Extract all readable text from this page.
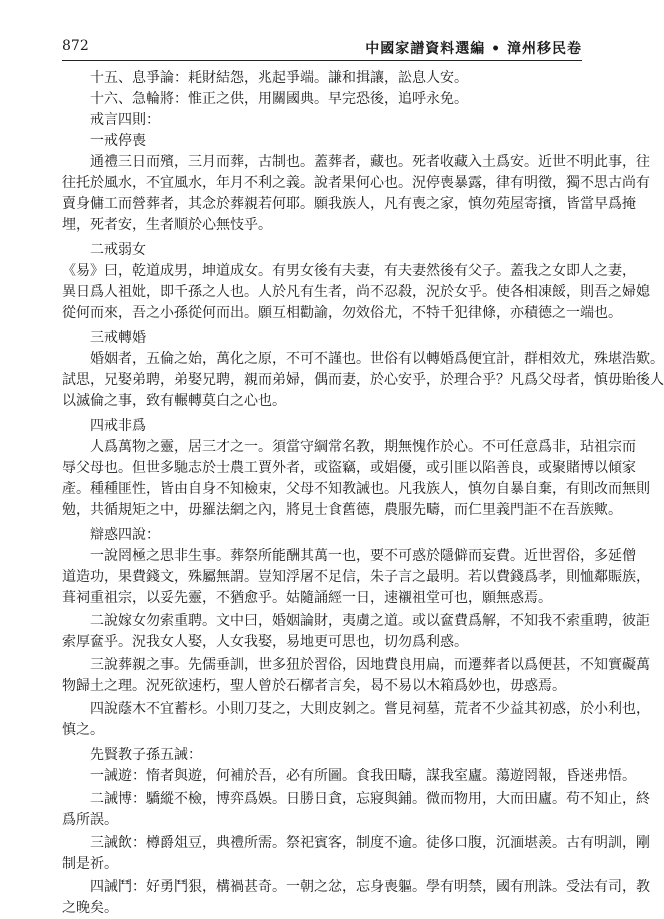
872	中國家譜資料選編 • 漳州移民卷
十五、息爭論：耗財結怨，兆起爭端。謙和揖讓，訟息人安。
十六、急輪將：惟正之供，用關國典。早完恐後，追呼永免。
戒言四則：
一戒停喪
通禮三日而殯，三月而葬，古制也。蓋葬者，藏也。死者收藏入土爲安。近世不明此事，往
往托於風水，不宜風水，年月不利之義。說者果何心也。況停喪暴露，律有明徵，獨不思古尚有
賣身傭工而營葬者，其念於葬親若何耶。願我族人，凡有喪之家，慎勿苑屋寄擯，皆當早爲掩
埋，死者安，生者順於心無忮乎。
二戒弱女
《易》曰，乾道成男，坤道成女。有男女後有夫妻，有夫妻然後有父子。蓋我之女即人之妻，
異日爲人祖妣，即千孫之人也。人於凡有生者，尚不忍殺，況於女乎。使各相凍餒，則吾之婦媳
從何而來，吾之小孫從何而出。願互相勸諭，勿效俗尤，不特千犯律條，亦積德之一端也。
三戒轉婚
婚姻者，五倫之始，萬化之原，不可不謹也。世俗有以轉婚爲便宜計，群相效尤，殊堪浩歎。
試思，兄娶弟聘，弟娶兄聘，親而弟婦，偶而妻，於心安乎，於理合乎？凡爲父母者，慎毋貽後人
以滅倫之事，致有輾轉莫白之心也。
四戒非爲
人爲萬物之靈，居三才之一。須當守綱常名教，期無愧作於心。不可任意爲非，玷祖宗而
辱父母也。但世多馳志於士農工賈外者，或盜竊，或娼優，或引匪以陷善良，或聚賭博以傾家
產。種種匪性，皆由自身不知檢束，父母不知教誡也。凡我族人，慎勿自暴自棄，有則改而無則
勉，共循規矩之中，毋羅法網之內，將見士食舊德，農服先疇，而仁里義門詎不在吾族歟。
辯惑四說：
一說罔極之思非生事。葬祭所能酬其萬一也，要不可惑於隱僻而妄費。近世習俗，多延僧
道造功，果費錢文，殊屬無謂。豈知浮屠不足信，朱子言之最明。若以費錢爲孝，則恤鄰賑族，
葺祠重祖宗，以妥先靈，不猶愈乎。姑隨誦經一日，速襯祖堂可也，願無惑焉。
二說嫁女勿索重聘。文中曰，婚姻論財，夷虜之道。或以奩費爲解，不知我不索重聘，彼詎
索厚奩乎。況我女人娶，人女我娶，易地更可思也，切勿爲利惑。
三說葬親之事。先儒垂訓，世多狃於習俗，因地費良用扁，而遷葬者以爲便甚，不知實礙萬
物歸土之理。況死欲速朽，聖人曾於石槨者言矣，曷不易以木箱爲妙也，毋惑焉。
四說蔭木不宜蓄杉。小則刀芟之，大則皮剝之。嘗見祠墓，荒者不少益其初惑，於小利也，
慎之。
先賢教子孫五誡：
一誡遊：惰者與遊，何補於吾，必有所圖。食我田疇，謀我室廬。蕩遊罔報，昏迷弗悟。
二誡博：驕縱不檢，博弈爲娛。日勝日貪，忘寢與鋪。微而物用，大而田廬。苟不知止，終
爲所誤。
三誡飲：樽爵俎豆，典禮所需。祭祀賓客，制度不逾。徒侈口腹，沉湎堪羨。古有明訓，剛
制是祈。
四誡鬥：好勇鬥狠，構禍甚奇。一朝之忿，忘身喪軀。學有明禁，國有刑誅。受法有司，教
之晚矣。
